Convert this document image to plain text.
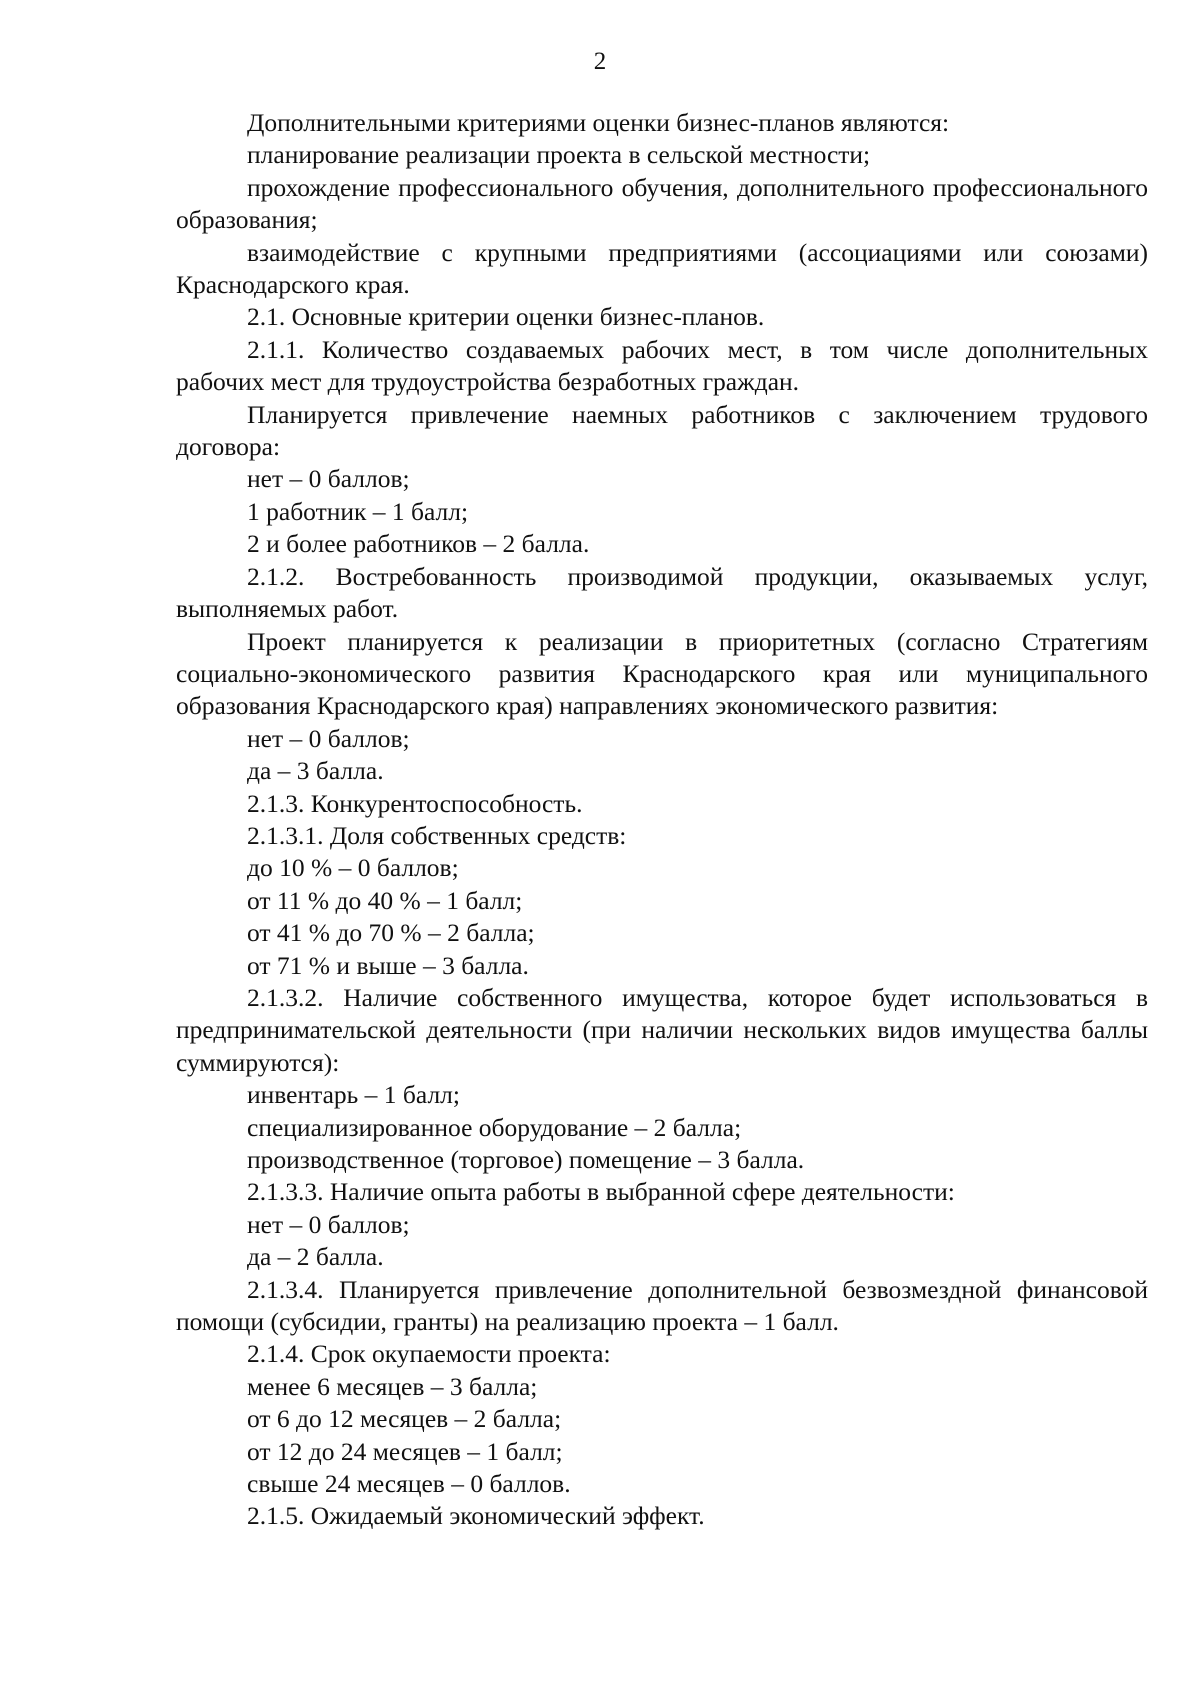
2

Дополнительными критериями оценки бизнес-планов являются:

планирование реализации проекта в сельской местности;

прохождение профессионального обучения, дополнительного профессионального образования;

взаимодействие с крупными предприятиями (ассоциациями или союзами) Краснодарского края.

2.1. Основные критерии оценки бизнес-планов.

2.1.1. Количество создаваемых рабочих мест, в том числе дополнительных рабочих мест для трудоустройства безработных граждан.

Планируется привлечение наемных работников с заключением трудового договора:

нет – 0 баллов;

1 работник – 1 балл;

2 и более работников – 2 балла.

2.1.2. Востребованность производимой продукции, оказываемых услуг, выполняемых работ.

Проект планируется к реализации в приоритетных (согласно Стратегиям социально-экономического развития Краснодарского края или муниципального образования Краснодарского края) направлениях экономического развития:

нет – 0 баллов;

да – 3 балла.

2.1.3. Конкурентоспособность.

2.1.3.1. Доля собственных средств:

до 10 % – 0 баллов;

от 11 % до 40 % – 1 балл;

от 41 % до 70 % – 2 балла;

от 71 % и выше – 3 балла.

2.1.3.2. Наличие собственного имущества, которое будет использоваться в предпринимательской деятельности (при наличии нескольких видов имущества баллы суммируются):

инвентарь – 1 балл;

специализированное оборудование – 2 балла;

производственное (торговое) помещение – 3 балла.

2.1.3.3. Наличие опыта работы в выбранной сфере деятельности:

нет – 0 баллов;

да – 2 балла.

2.1.3.4. Планируется привлечение дополнительной безвозмездной финансовой помощи (субсидии, гранты) на реализацию проекта – 1 балл.

2.1.4. Срок окупаемости проекта:

менее 6 месяцев – 3 балла;

от 6 до 12 месяцев – 2 балла;

от 12 до 24 месяцев – 1 балл;

свыше 24 месяцев – 0 баллов.

2.1.5. Ожидаемый экономический эффект.
